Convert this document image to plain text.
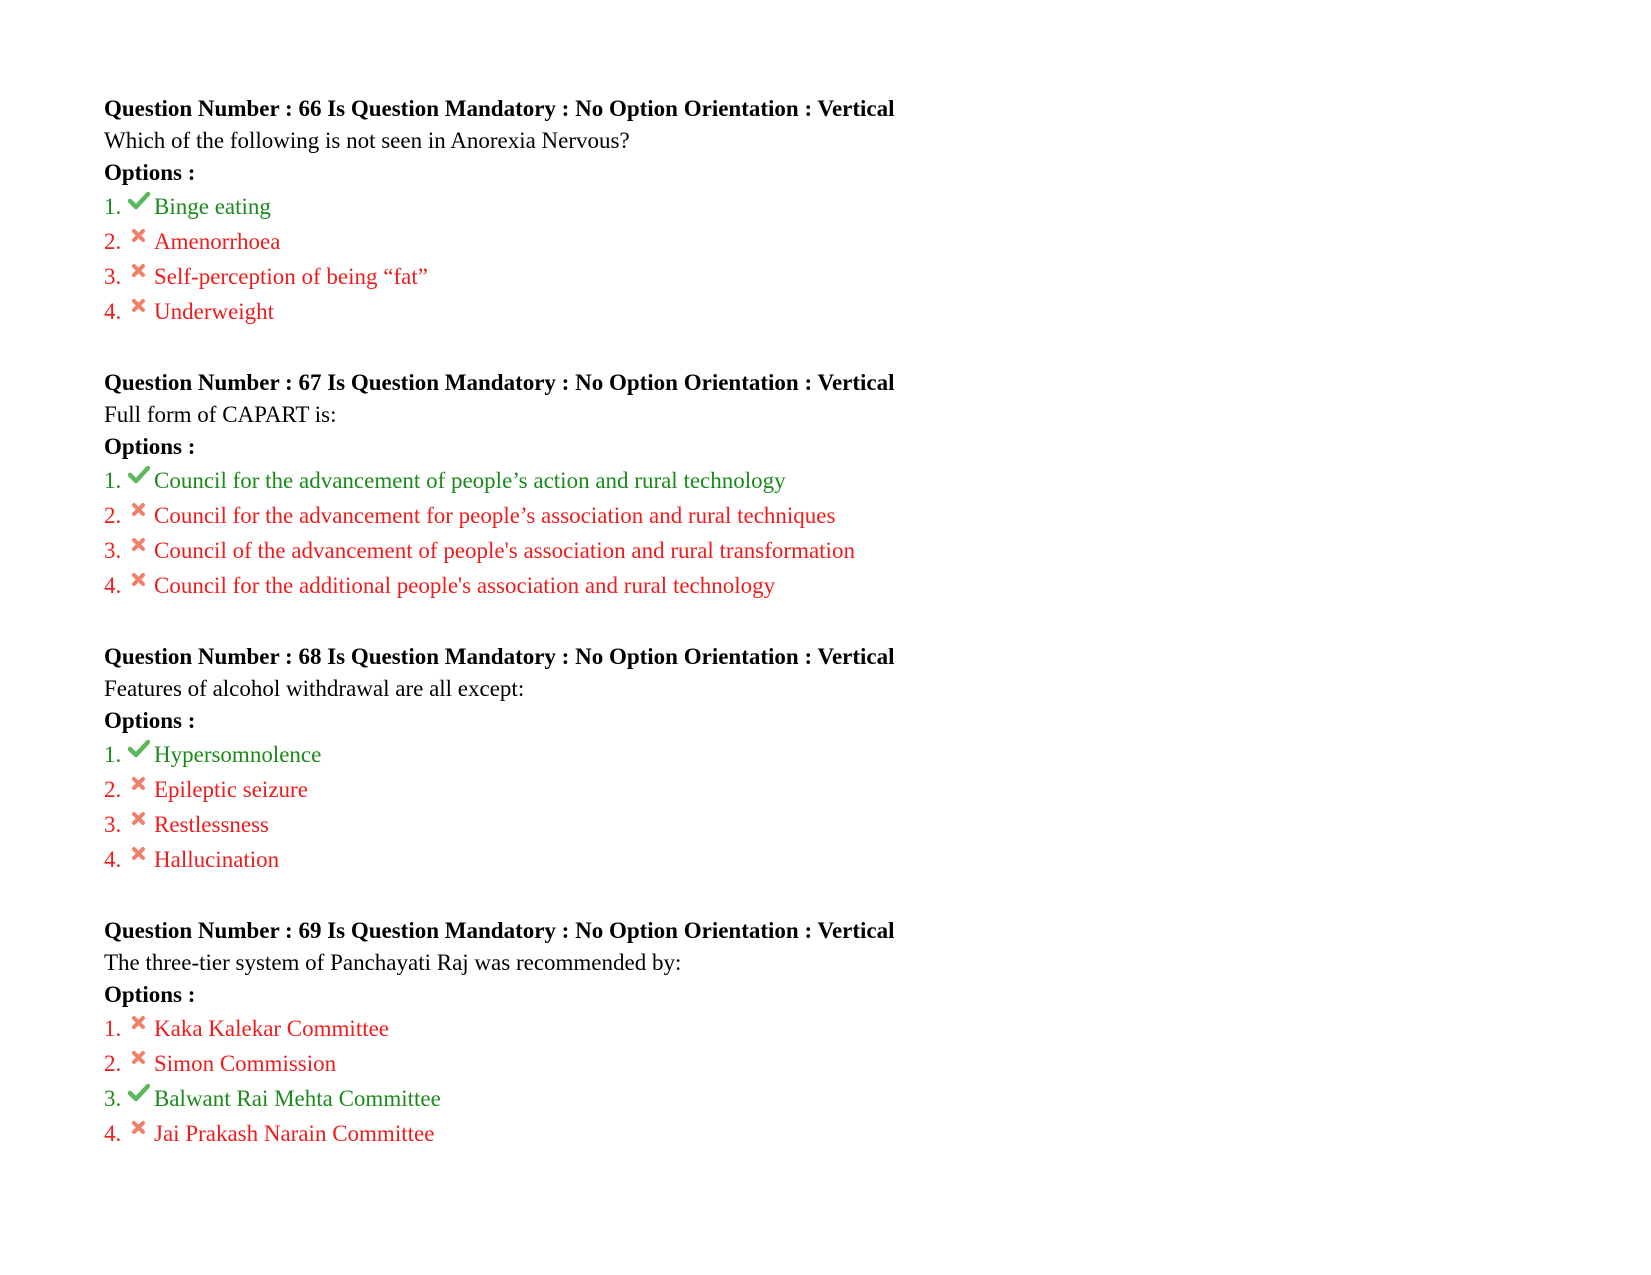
Question Number : 66 Is Question Mandatory : No Option Orientation : Vertical
Which of the following is not seen in Anorexia Nervous?
Options :
1. Binge eating
2. Amenorrhoea
3. Self-perception of being “fat”
4. Underweight
Question Number : 67 Is Question Mandatory : No Option Orientation : Vertical
Full form of CAPART is:
Options :
1. Council for the advancement of people’s action and rural technology
2. Council for the advancement for people’s association and rural techniques
3. Council of the advancement of people's association and rural transformation
4. Council for the additional people's association and rural technology
Question Number : 68 Is Question Mandatory : No Option Orientation : Vertical
Features of alcohol withdrawal are all except:
Options :
1. Hypersomnolence
2. Epileptic seizure
3. Restlessness
4. Hallucination
Question Number : 69 Is Question Mandatory : No Option Orientation : Vertical
The three-tier system of Panchayati Raj was recommended by:
Options :
1. Kaka Kalekar Committee
2. Simon Commission
3. Balwant Rai Mehta Committee
4. Jai Prakash Narain Committee
